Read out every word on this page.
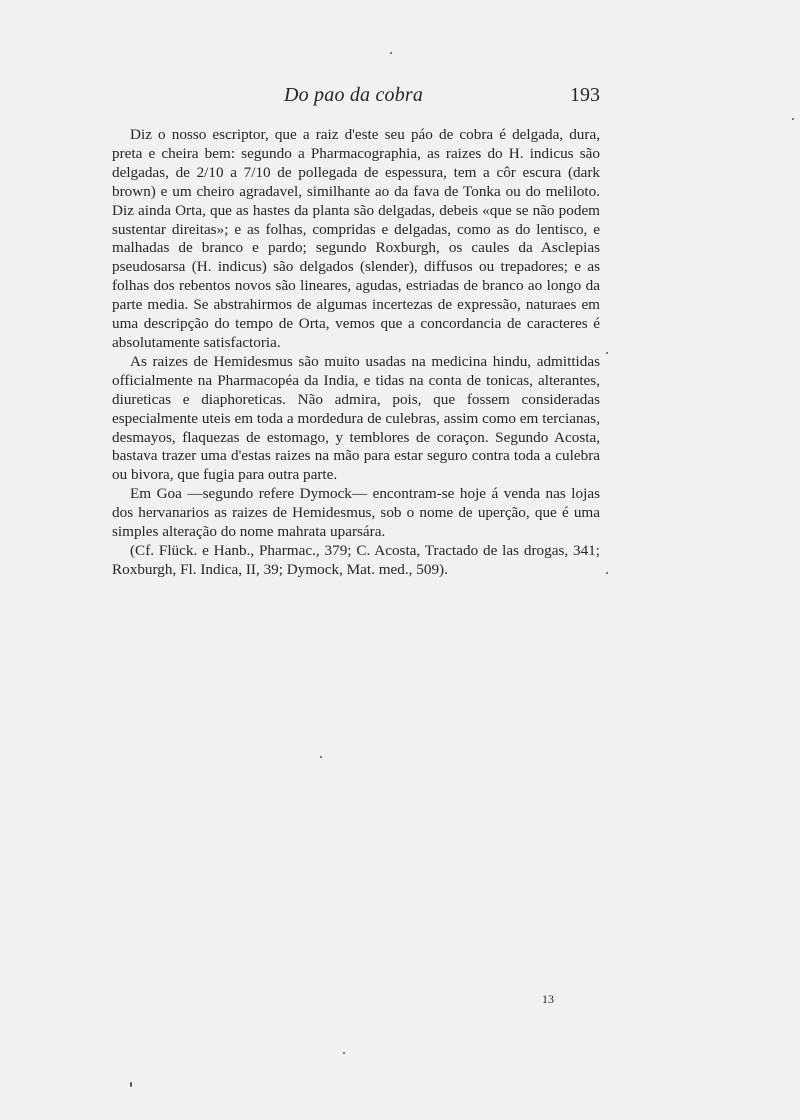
Do pao da cobra	193

Diz o nosso escriptor, que a raiz d'este seu páo de cobra é delgada, dura, preta e cheira bem: segundo a Pharmacographia, as raizes do H. indicus são delgadas, de 2/10 a 7/10 de pollegada de espessura, tem a côr escura (dark brown) e um cheiro agradavel, similhante ao da fava de Tonka ou do meliloto. Diz ainda Orta, que as hastes da planta são delgadas, debeis «que se não podem sustentar direitas»; e as folhas, compridas e delgadas, como as do lentisco, e malhadas de branco e pardo; segundo Roxburgh, os caules da Asclepias pseudosarsa (H. indicus) são delgados (slender), diffusos ou trepadores; e as folhas dos rebentos novos são lineares, agudas, estriadas de branco ao longo da parte media. Se abstrahirmos de algumas incertezas de expressão, naturaes em uma descripção do tempo de Orta, vemos que a concordancia de caracteres é absolutamente satisfactoria.

As raizes de Hemidesmus são muito usadas na medicina hindu, admittidas officialmente na Pharmacopéa da India, e tidas na conta de tonicas, alterantes, diureticas e diaphoreticas. Não admira, pois, que fossem consideradas especialmente uteis em toda a mordedura de culebras, assim como em tercianas, desmayos, flaquezas de estomago, y temblores de coraçon. Segundo Acosta, bastava trazer uma d'estas raizes na mão para estar seguro contra toda a culebra ou bivora, que fugia para outra parte.

Em Goa —segundo refere Dymock— encontram-se hoje á venda nas lojas dos hervanarios as raizes de Hemidesmus, sob o nome de uperção, que é uma simples alteração do nome mahrata uparsára.

(Cf. Flück. e Hanb., Pharmac., 379; C. Acosta, Tractado de las drogas, 341; Roxburgh, Fl. Indica, II, 39; Dymock, Mat. med., 509).

13
